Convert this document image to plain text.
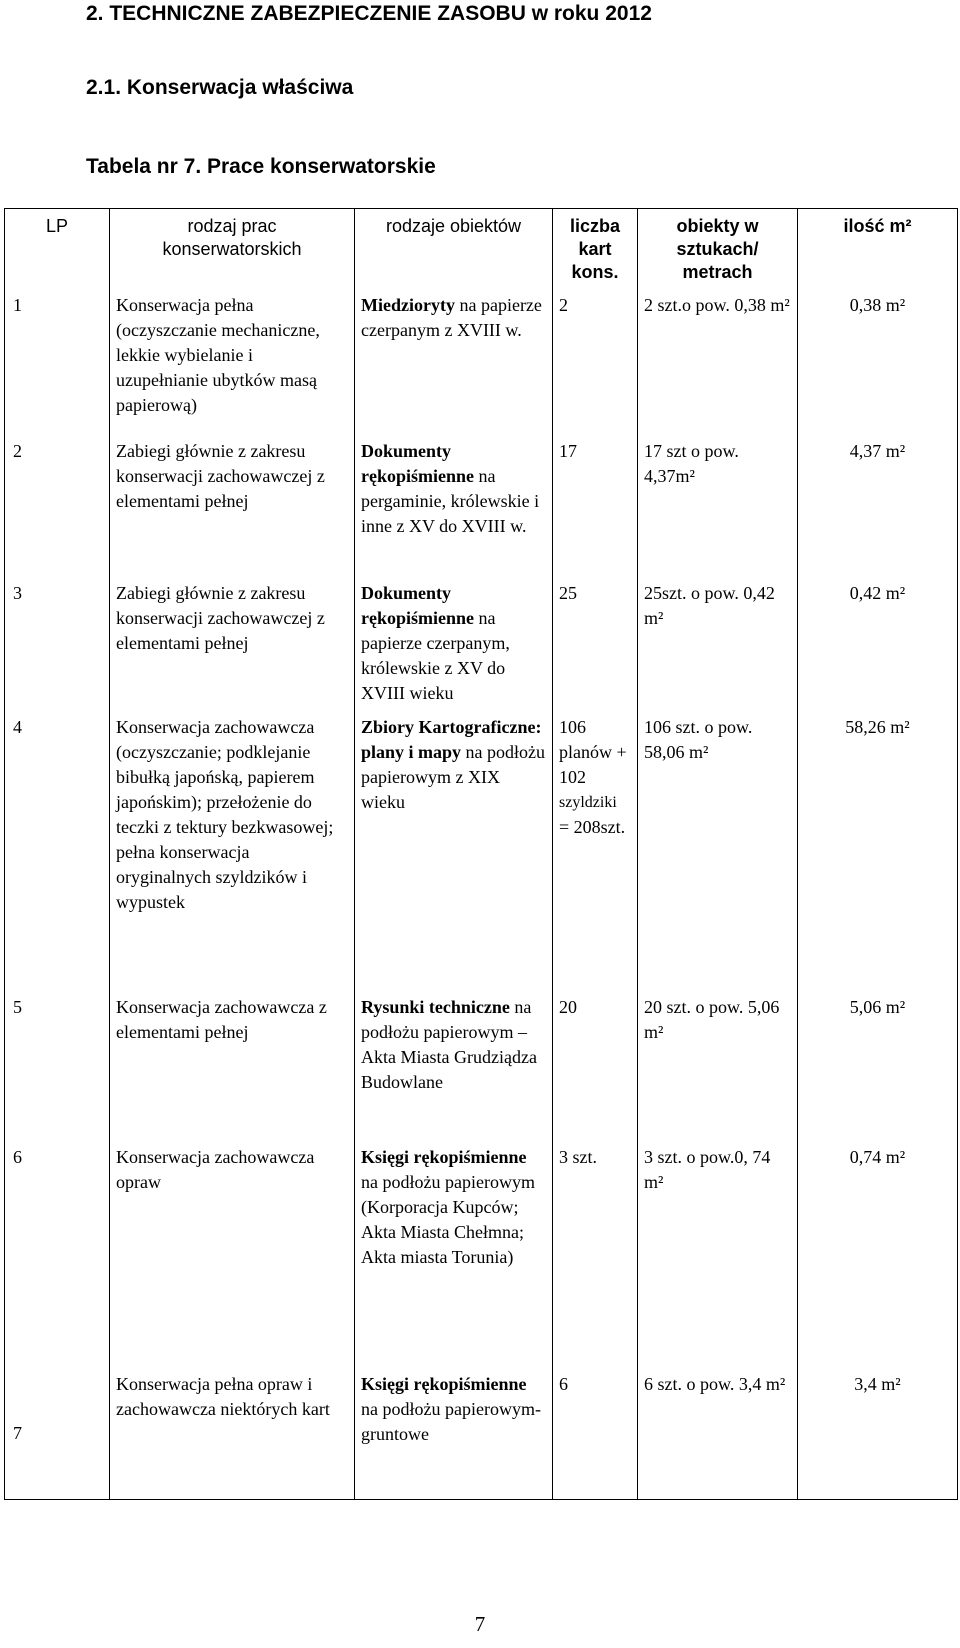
2. TECHNICZNE ZABEZPIECZENIE ZASOBU w roku 2012
2.1. Konserwacja właściwa
Tabela nr 7. Prace konserwatorskie
LP	rodzaj prac konserwatorskich	rodzaje obiektów	liczba kart kons.	obiekty w sztukach/ metrach	ilość m²
1	Konserwacja pełna (oczyszczanie mechaniczne, lekkie wybielanie i uzupełnianie ubytków masą papierową)	Miedzioryty na papierze czerpanym z XVIII w.	2	2 szt.o pow. 0,38 m²	0,38 m²
2	Zabiegi głównie z zakresu konserwacji zachowawczej z elementami pełnej	Dokumenty rękopiśmienne na pergaminie, królewskie i inne z XV do XVIII w.	17	17 szt o pow. 4,37m²	4,37 m²
3	Zabiegi głównie z zakresu konserwacji zachowawczej z elementami pełnej	Dokumenty rękopiśmienne na papierze czerpanym, królewskie z XV do XVIII wieku	25	25szt. o pow. 0,42 m²	0,42 m²
4	Konserwacja zachowawcza (oczyszczanie; podklejanie bibułką japońską, papierem japońskim); przełożenie do teczki z tektury bezkwasowej; pełna konserwacja oryginalnych szyldzików i wypustek	Zbiory Kartograficzne: plany i mapy na podłożu papierowym z XIX wieku	106 planów + 102
szyldziki
= 208szt.	106 szt. o pow. 58,06 m²	58,26 m²
5	Konserwacja zachowawcza z elementami pełnej	Rysunki techniczne na podłożu papierowym – Akta Miasta Grudziądza Budowlane	20	20 szt. o pow. 5,06 m²	5,06 m²
6	Konserwacja zachowawcza opraw	Księgi rękopiśmienne na podłożu papierowym (Korporacja Kupców; Akta Miasta Chełmna; Akta miasta Torunia)	3 szt.	3 szt. o pow.0, 74 m²	0,74 m²
7	Konserwacja pełna opraw i zachowawcza niektórych kart	Księgi rękopiśmienne na podłożu papierowym-gruntowe	6	6 szt. o pow. 3,4 m²	3,4 m²

7
